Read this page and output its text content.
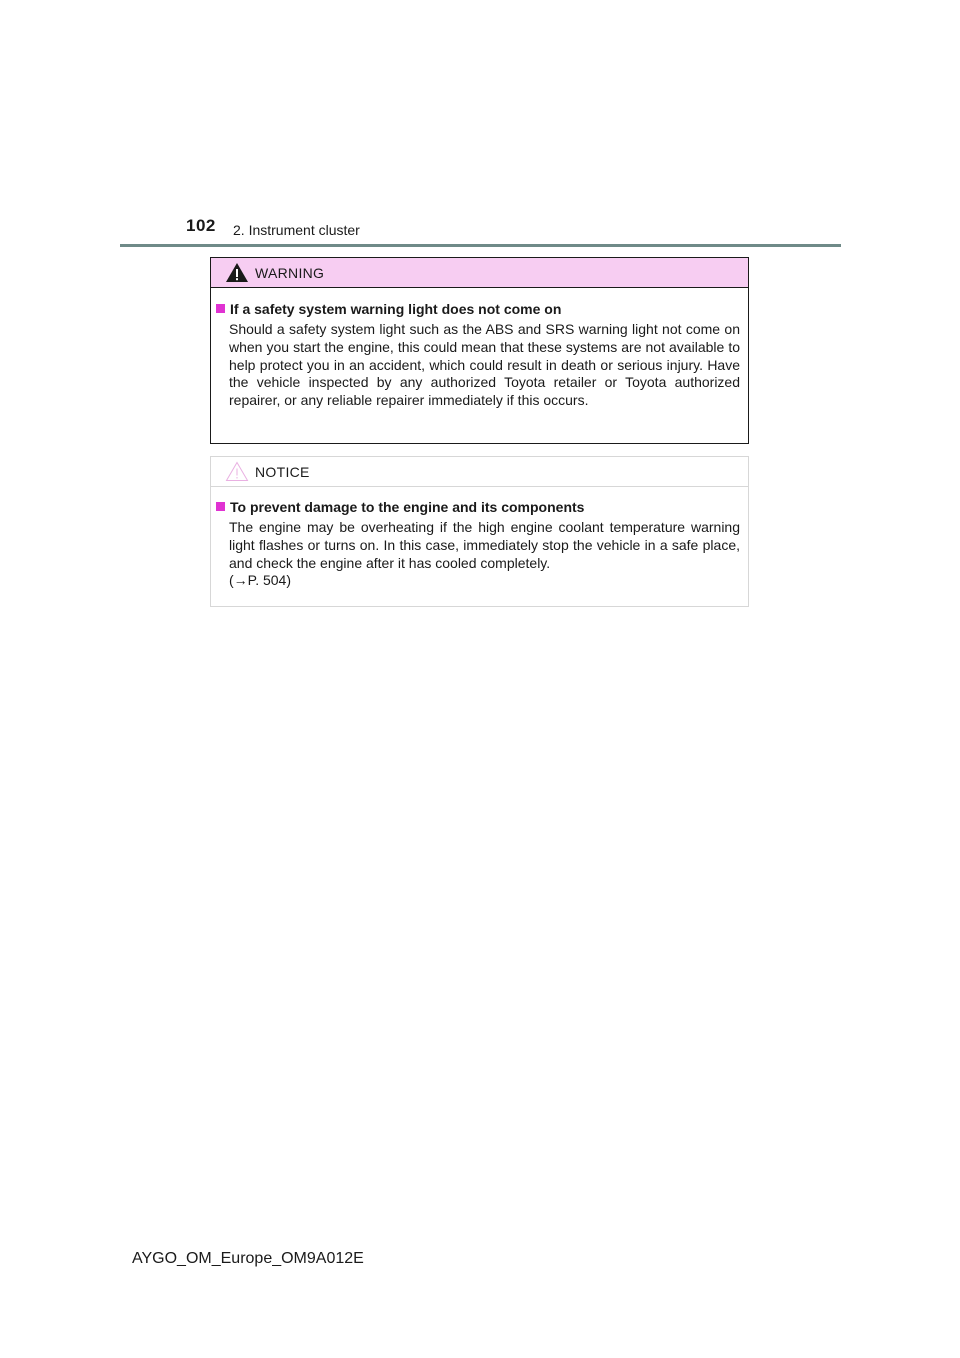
102 2. Instrument cluster
WARNING
If a safety system warning light does not come on
Should a safety system light such as the ABS and SRS warning light not come on when you start the engine, this could mean that these systems are not available to help protect you in an accident, which could result in death or serious injury. Have the vehicle inspected by any authorized Toyota retailer or Toyota authorized repairer, or any reliable repairer immediately if this occurs.
NOTICE
To prevent damage to the engine and its components
The engine may be overheating if the high engine coolant temperature warning light flashes or turns on. In this case, immediately stop the vehicle in a safe place, and check the engine after it has cooled completely.
(→P. 504)
AYGO_OM_Europe_OM9A012E
